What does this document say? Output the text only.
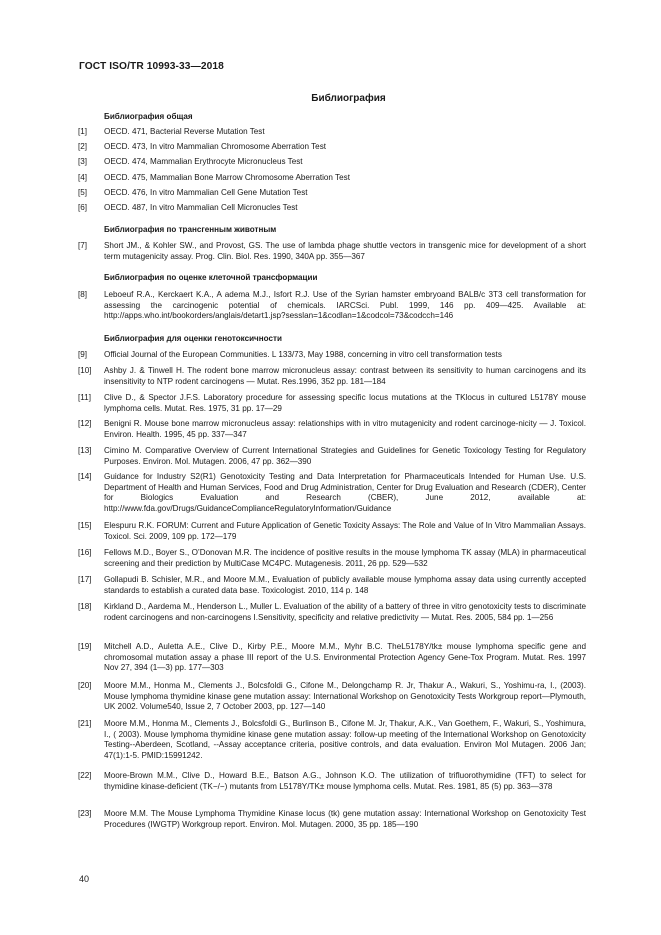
ГОСТ ISO/TR 10993-33—2018
Библиография
Библиография общая
[1]	OECD. 471, Bacterial Reverse Mutation Test
[2]	OECD. 473, In vitro Mammalian Chromosome Aberration Test
[3]	OECD. 474, Mammalian Erythrocyte Micronucleus Test
[4]	OECD. 475, Mammalian Bone Marrow Chromosome Aberration Test
[5]	OECD. 476, In vitro Mammalian Cell Gene Mutation Test
[6]	OECD. 487, In vitro Mammalian Cell Micronucles Test
Библиография по трансгенным животным
[7]	Short JM., & Kohler SW., and Provost, GS. The use of lambda phage shuttle vectors in transgenic mice for development of a short term mutagenicity assay. Prog. Clin. Biol. Res. 1990, 340A pp. 355—367
Библиография по оценке клеточной трансформации
[8]	Leboeuf R.A., Kerckaert K.A., A adema M.J., Isfort R.J. Use of the Syrian hamster embryoand BALB/c 3T3 cell transformation for assessing the carcinogenic potential of chemicals. IARCSci. Publ. 1999, 146 pp. 409—425. Available at: http://apps.who.int/bookorders/anglais/detart1.jsp?sesslan=1&codlan=1&codcol=73&codcch=146
Библиография для оценки генотоксичности
[9]	Official Journal of the European Communities. L 133/73, May 1988, concerning in vitro cell transformation tests
[10]	Ashby J. & Tinwell H. The rodent bone marrow micronucleus assay: contrast between its sensitivity to human carcinogens and its insensitivity to NTP rodent carcinogens — Mutat. Res.1996, 352 pp. 181—184
[11]	Clive D., & Spector J.F.S. Laboratory procedure for assessing specific locus mutations at the TKlocus in cultured L5178Y mouse lymphoma cells. Mutat. Res. 1975, 31 pp. 17—29
[12]	Benigni R. Mouse bone marrow micronucleus assay: relationships with in vitro mutagenicity and rodent carcinoge-nicity — J. Toxicol. Environ. Health. 1995, 45 pp. 337—347
[13]	Cimino M. Comparative Overview of Current International Strategies and Guidelines for Genetic Toxicology Testing for Regulatory Purposes. Environ. Mol. Mutagen. 2006, 47 pp. 362—390
[14]	Guidance for Industry S2(R1) Genotoxicity Testing and Data Interpretation for Pharmaceuticals Intended for Human Use. U.S. Department of Health and Human Services, Food and Drug Administration, Center for Drug Evaluation and Research (CDER), Center for Biologics Evaluation and Research (CBER), June 2012, available at: http://www.fda.gov/Drugs/GuidanceComplianceRegulatoryInformation/Guidance
[15]	Elespuru R.K. FORUM: Current and Future Application of Genetic Toxicity Assays: The Role and Value of In Vitro Mammalian Assays. Toxicol. Sci. 2009, 109 pp. 172—179
[16]	Fellows M.D., Boyer S., O’Donovan M.R. The incidence of positive results in the mouse lymphoma TK assay (MLA) in pharmaceutical screening and their prediction by MultiCase MC4PC. Mutagenesis. 2011, 26 pp. 529—532
[17]	Gollapudi B. Schisler, M.R., and Moore M.M., Evaluation of publicly available mouse lymphoma assay data using currently accepted standards to establish a curated data base. Toxicologist. 2010, 114 p. 148
[18]	Kirkland D., Aardema M., Henderson L., Muller L. Evaluation of the ability of a battery of three in vitro genotoxicity tests to discriminate rodent carcinogens and non-carcinogens I.Sensitivity, specificity and relative predictivity — Mutat. Res. 2005, 584 pp. 1—256
[19]	Mitchell A.D., Auletta A.E., Clive D., Kirby P.E., Moore M.M., Myhr B.C. TheL5178Y/tk± mouse lymphoma specific gene and chromosomal mutation assay a phase III report of the U.S. Environmental Protection Agency Gene-Tox Program. Mutat. Res. 1997 Nov 27, 394 (1—3) pp. 177—303
[20]	Moore M.M., Honma M., Clements J., Bolcsfoldi G., Cifone M., Delongchamp R. Jr, Thakur A., Wakuri, S., Yoshimu-ra, I., (2003). Mouse lymphoma thymidine kinase gene mutation assay: International Workshop on Genotoxicity Tests Workgroup report—Plymouth, UK 2002. Volume540, Issue 2, 7 October 2003, pp. 127—140
[21]	Moore M.M., Honma M., Clements J., Bolcsfoldi G., Burlinson B., Cifone M. Jr, Thakur, A.K., Van Goethem, F., Wakuri, S., Yoshimura, I., ( 2003). Mouse lymphoma thymidine kinase gene mutation assay: follow-up meeting of the International Workshop on Genotoxicity Testing--Aberdeen, Scotland, --Assay acceptance criteria, positive controls, and data evaluation. Environ Mol Mutagen. 2006 Jan; 47(1):1-5. PMID:15991242.
[22]	Moore-Brown M.M., Clive D., Howard B.E., Batson A.G., Johnson K.O. The utilization of trifluorothymidine (TFT) to select for thymidine kinase-deficient (TK−/−) mutants from L5178Y/TK± mouse lymphoma cells. Mutat. Res. 1981, 85 (5) pp. 363—378
[23]	Moore M.M. The Mouse Lymphoma Thymidine Kinase locus (tk) gene mutation assay: International Workshop on Genotoxicity Test Procedures (IWGTP) Workgroup report. Environ. Mol. Mutagen. 2000, 35 pp. 185—190
40
